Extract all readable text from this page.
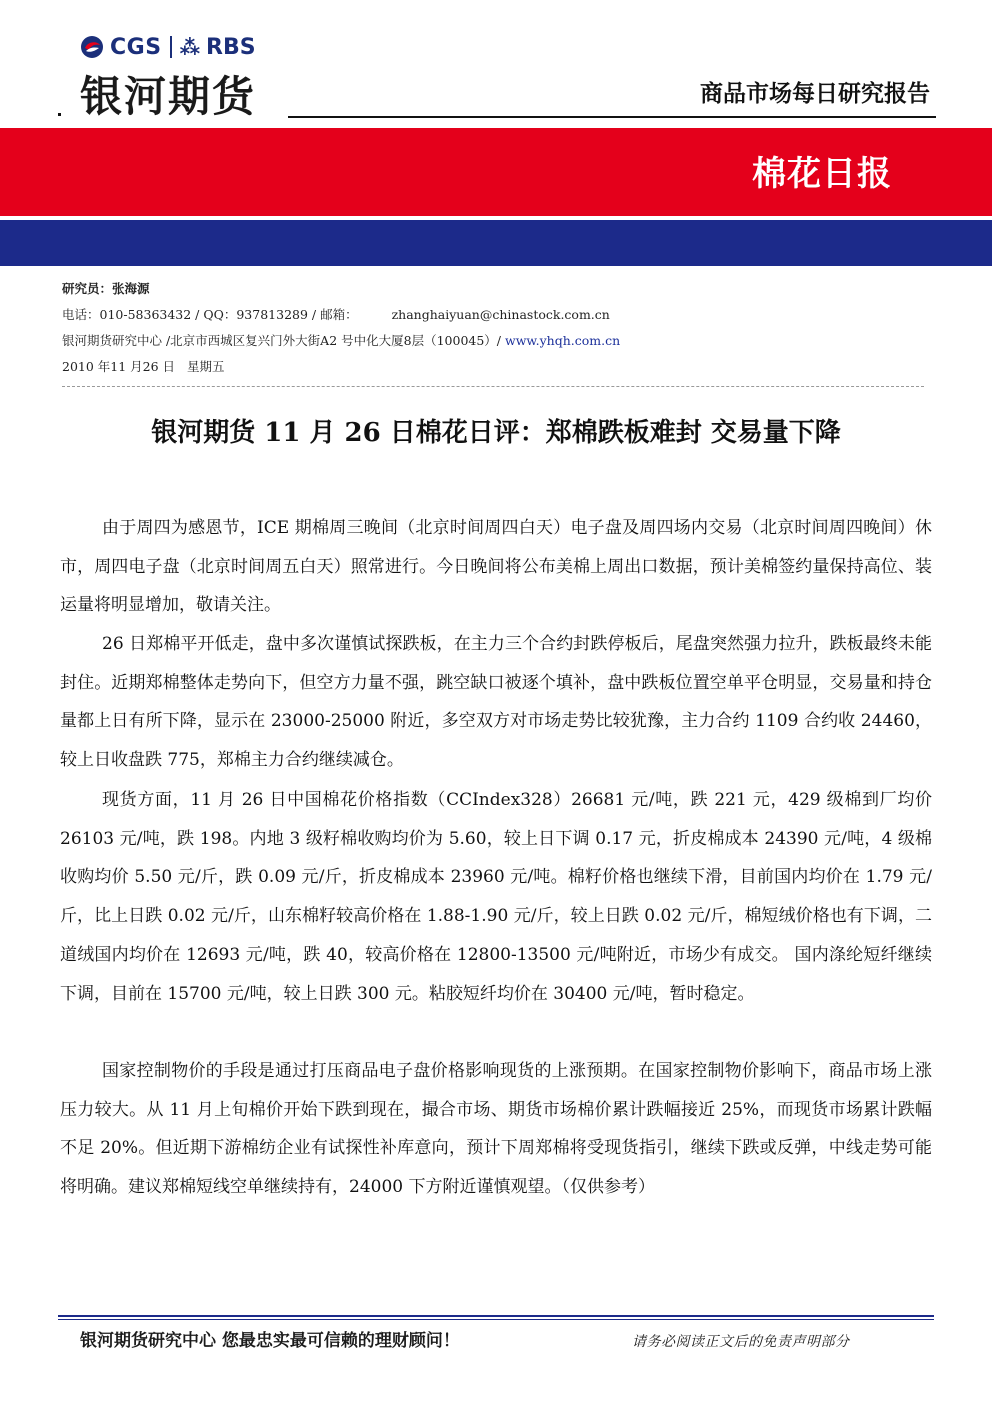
CGS ⁂ RBS
银河期货	商品市场每日研究报告
棉花日报
研究员：张海源
电话：010-58363432 / QQ：937813289 / 邮箱：	zhanghaiyuan@chinastock.com.cn
银河期货研究中心 /北京市西城区复兴门外大街A2 号中化大厦8层（100045）/ www.yhqh.com.cn
2010 年11 月26 日   星期五
银河期货 11 月 26 日棉花日评：郑棉跌板难封 交易量下降

由于周四为感恩节，ICE 期棉周三晚间（北京时间周四白天）电子盘及周四场内交易（北京时间周四晚间）休市，周四电子盘（北京时间周五白天）照常进行。今日晚间将公布美棉上周出口数据，预计美棉签约量保持高位、装运量将明显增加，敬请关注。

26 日郑棉平开低走，盘中多次谨慎试探跌板，在主力三个合约封跌停板后，尾盘突然强力拉升，跌板最终未能封住。近期郑棉整体走势向下，但空方力量不强，跳空缺口被逐个填补，盘中跌板位置空单平仓明显，交易量和持仓量都上日有所下降，显示在 23000-25000 附近，多空双方对市场走势比较犹豫，主力合约 1109 合约收 24460，较上日收盘跌 775，郑棉主力合约继续减仓。

现货方面，11 月 26 日中国棉花价格指数（CCIndex328）26681 元/吨，跌 221 元，429 级棉到厂均价 26103 元/吨，跌 198。内地 3 级籽棉收购均价为 5.60，较上日下调 0.17 元，折皮棉成本 24390 元/吨，4 级棉收购均价 5.50 元/斤，跌 0.09 元/斤，折皮棉成本 23960 元/吨。棉籽价格也继续下滑，目前国内均价在 1.79 元/斤，比上日跌 0.02 元/斤，山东棉籽较高价格在 1.88-1.90 元/斤，较上日跌 0.02 元/斤，棉短绒价格也有下调，二道绒国内均价在 12693 元/吨，跌 40，较高价格在 12800-13500 元/吨附近，市场少有成交。 国内涤纶短纤继续下调，目前在 15700 元/吨，较上日跌 300 元。粘胶短纤均价在 30400 元/吨，暂时稳定。

国家控制物价的手段是通过打压商品电子盘价格影响现货的上涨预期。在国家控制物价影响下，商品市场上涨压力较大。从 11 月上旬棉价开始下跌到现在，撮合市场、期货市场棉价累计跌幅接近 25%，而现货市场累计跌幅不足 20%。但近期下游棉纺企业有试探性补库意向，预计下周郑棉将受现货指引，继续下跌或反弹，中线走势可能将明确。建议郑棉短线空单继续持有，24000 下方附近谨慎观望。（仅供参考）

银河期货研究中心 您最忠实最可信赖的理财顾问！	请务必阅读正文后的免责声明部分
